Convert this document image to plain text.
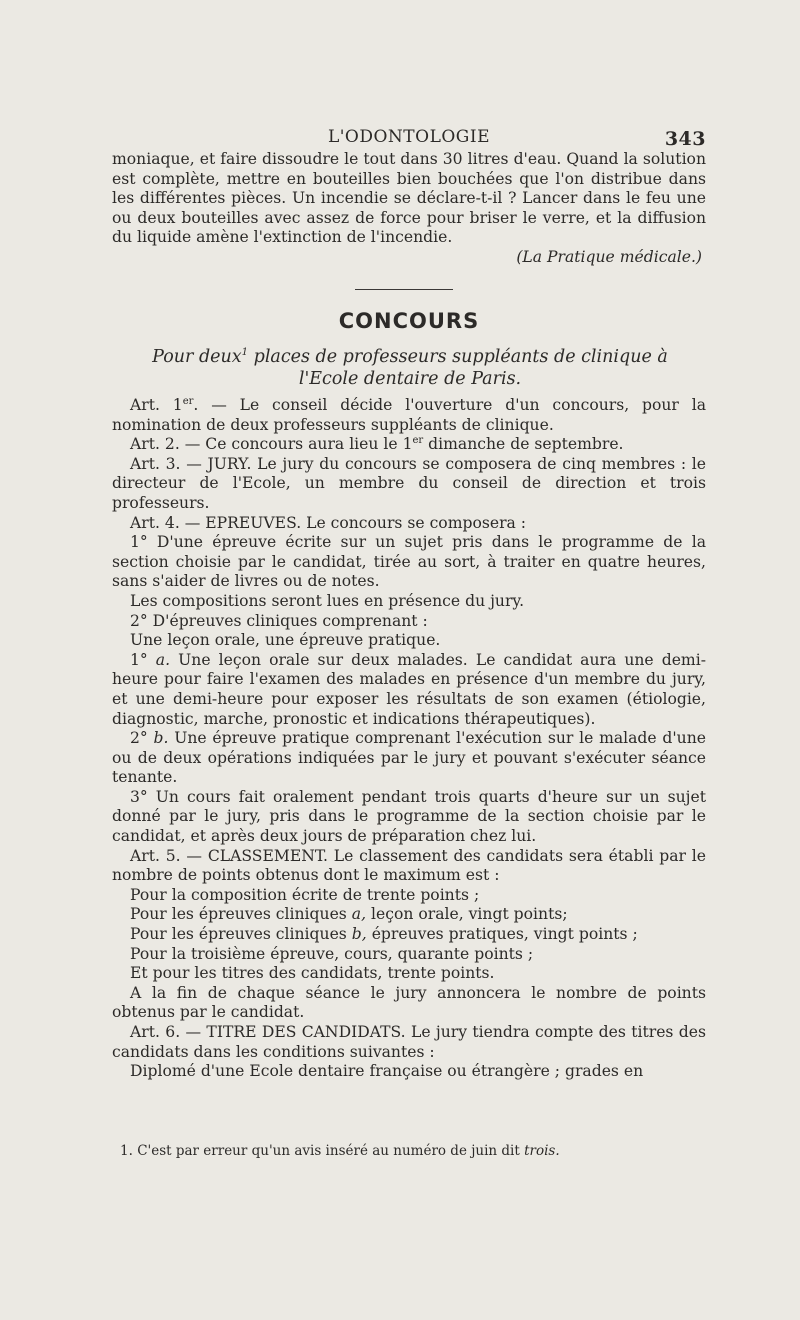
L'ODONTOLOGIE	343

moniaque, et faire dissoudre le tout dans 30 litres d'eau. Quand la solution est complète, mettre en bouteilles bien bouchées que l'on distribue dans les différentes pièces. Un incendie se déclare-t-il ? Lancer dans le feu une ou deux bouteilles avec assez de force pour briser le verre, et la diffusion du liquide amène l'extinction de l'incendie.

(La Pratique médicale.)

CONCOURS
Pour deux$^1$ places de professeurs suppléants de clinique à l'Ecole dentaire de Paris.

Art. 1er. — Le conseil décide l'ouverture d'un concours, pour la nomination de deux professeurs suppléants de clinique.

Art. 2. — Ce concours aura lieu le 1er dimanche de septembre.

Art. 3. — JURY. Le jury du concours se composera de cinq membres : le directeur de l'Ecole, un membre du conseil de direction et trois professeurs.

Art. 4. — EPREUVES. Le concours se composera :

1° D'une épreuve écrite sur un sujet pris dans le programme de la section choisie par le candidat, tirée au sort, à traiter en quatre heures, sans s'aider de livres ou de notes.

Les compositions seront lues en présence du jury.

2° D'épreuves cliniques comprenant :

Une leçon orale, une épreuve pratique.

1° a. Une leçon orale sur deux malades. Le candidat aura une demi-heure pour faire l'examen des malades en présence d'un membre du jury, et une demi-heure pour exposer les résultats de son examen (étiologie, diagnostic, marche, pronostic et indications thérapeutiques).

2° b. Une épreuve pratique comprenant l'exécution sur le malade d'une ou de deux opérations indiquées par le jury et pouvant s'exécuter séance tenante.

3° Un cours fait oralement pendant trois quarts d'heure sur un sujet donné par le jury, pris dans le programme de la section choisie par le candidat, et après deux jours de préparation chez lui.

Art. 5. — CLASSEMENT. Le classement des candidats sera établi par le nombre de points obtenus dont le maximum est :

Pour la composition écrite de trente points ;

Pour les épreuves cliniques a, leçon orale, vingt points;

Pour les épreuves cliniques b, épreuves pratiques, vingt points ;

Pour la troisième épreuve, cours, quarante points ;

Et pour les titres des candidats, trente points.

A la fin de chaque séance le jury annoncera le nombre de points obtenus par le candidat.

Art. 6. — TITRE DES CANDIDATS. Le jury tiendra compte des titres des candidats dans les conditions suivantes :

Diplomé d'une Ecole dentaire française ou étrangère ; grades en

1. C'est par erreur qu'un avis inséré au numéro de juin dit trois.
